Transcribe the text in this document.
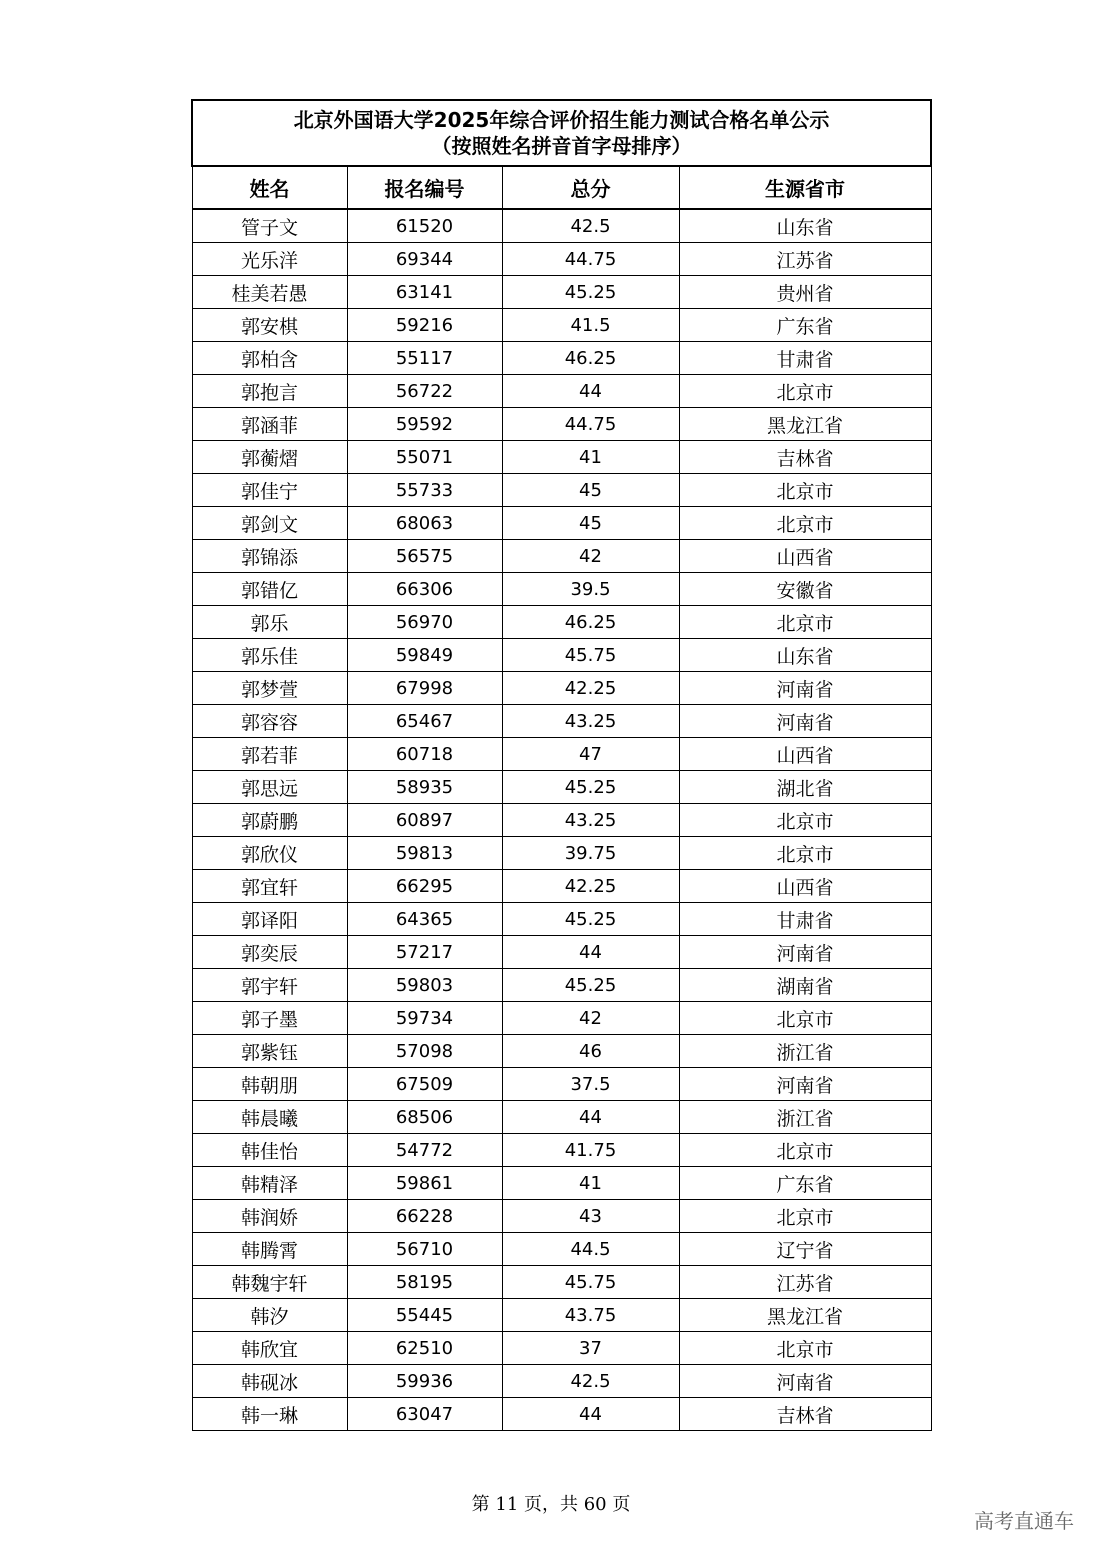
北京外国语大学2025年综合评价招生能力测试合格名单公示
（按照姓名拼音首字母排序）			

姓名	报名编号	总分	生源省市
管子文	61520	42.5	山东省
光乐洋	69344	44.75	江苏省
桂美若愚	63141	45.25	贵州省
郭安棋	59216	41.5	广东省
郭柏含	55117	46.25	甘肃省
郭抱言	56722	44	北京市
郭涵菲	59592	44.75	黑龙江省
郭蘅熠	55071	41	吉林省
郭佳宁	55733	45	北京市
郭剑文	68063	45	北京市
郭锦添	56575	42	山西省
郭错亿	66306	39.5	安徽省
郭乐	56970	46.25	北京市
郭乐佳	59849	45.75	山东省
郭梦萱	67998	42.25	河南省
郭容容	65467	43.25	河南省
郭若菲	60718	47	山西省
郭思远	58935	45.25	湖北省
郭蔚鹏	60897	43.25	北京市
郭欣仪	59813	39.75	北京市
郭宜轩	66295	42.25	山西省
郭译阳	64365	45.25	甘肃省
郭奕辰	57217	44	河南省
郭宇轩	59803	45.25	湖南省
郭子墨	59734	42	北京市
郭紫钰	57098	46	浙江省
韩朝朋	67509	37.5	河南省
韩晨曦	68506	44	浙江省
韩佳怡	54772	41.75	北京市
韩精泽	59861	41	广东省
韩润娇	66228	43	北京市
韩腾霄	56710	44.5	辽宁省
韩魏宇轩	58195	45.75	江苏省
韩汐	55445	43.75	黑龙江省
韩欣宜	62510	37	北京市
韩砚冰	59936	42.5	河南省
韩一琳	63047	44	吉林省
第 11 页，共 60 页
高考直通车
